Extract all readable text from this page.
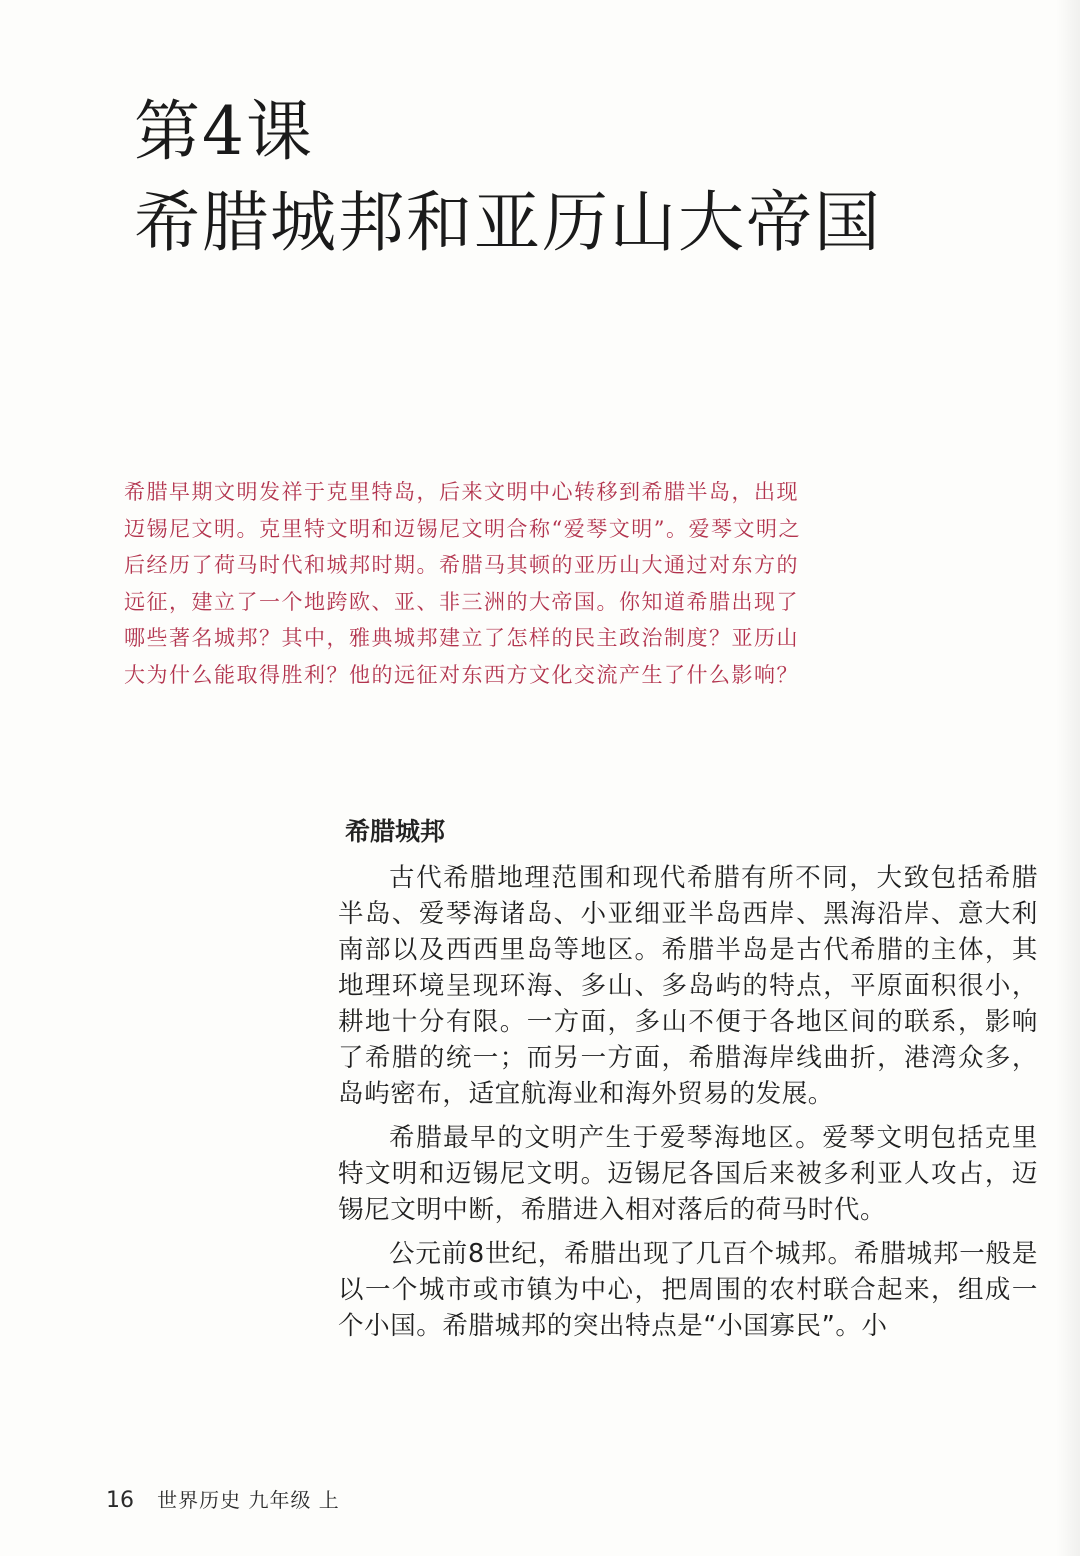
第4课
希腊城邦和亚历山大帝国

希腊早期文明发祥于克里特岛，后来文明中心转移到希腊半岛，出现迈锡尼文明。克里特文明和迈锡尼文明合称“爱琴文明”。爱琴文明之后经历了荷马时代和城邦时期。希腊马其顿的亚历山大通过对东方的远征，建立了一个地跨欧、亚、非三洲的大帝国。你知道希腊出现了哪些著名城邦？其中，雅典城邦建立了怎样的民主政治制度？亚历山大为什么能取得胜利？他的远征对东西方文化交流产生了什么影响？

希腊城邦

古代希腊地理范围和现代希腊有所不同，大致包括希腊半岛、爱琴海诸岛、小亚细亚半岛西岸、黑海沿岸、意大利南部以及西西里岛等地区。希腊半岛是古代希腊的主体，其地理环境呈现环海、多山、多岛屿的特点，平原面积很小，耕地十分有限。一方面，多山不便于各地区间的联系，影响了希腊的统一；而另一方面，希腊海岸线曲折，港湾众多，岛屿密布，适宜航海业和海外贸易的发展。

希腊最早的文明产生于爱琴海地区。爱琴文明包括克里特文明和迈锡尼文明。迈锡尼各国后来被多利亚人攻占，迈锡尼文明中断，希腊进入相对落后的荷马时代。

公元前8世纪，希腊出现了几百个城邦。希腊城邦一般是以一个城市或市镇为中心，把周围的农村联合起来，组成一个小国。希腊城邦的突出特点是“小国寡民”。小

16 世界历史 九年级 上
